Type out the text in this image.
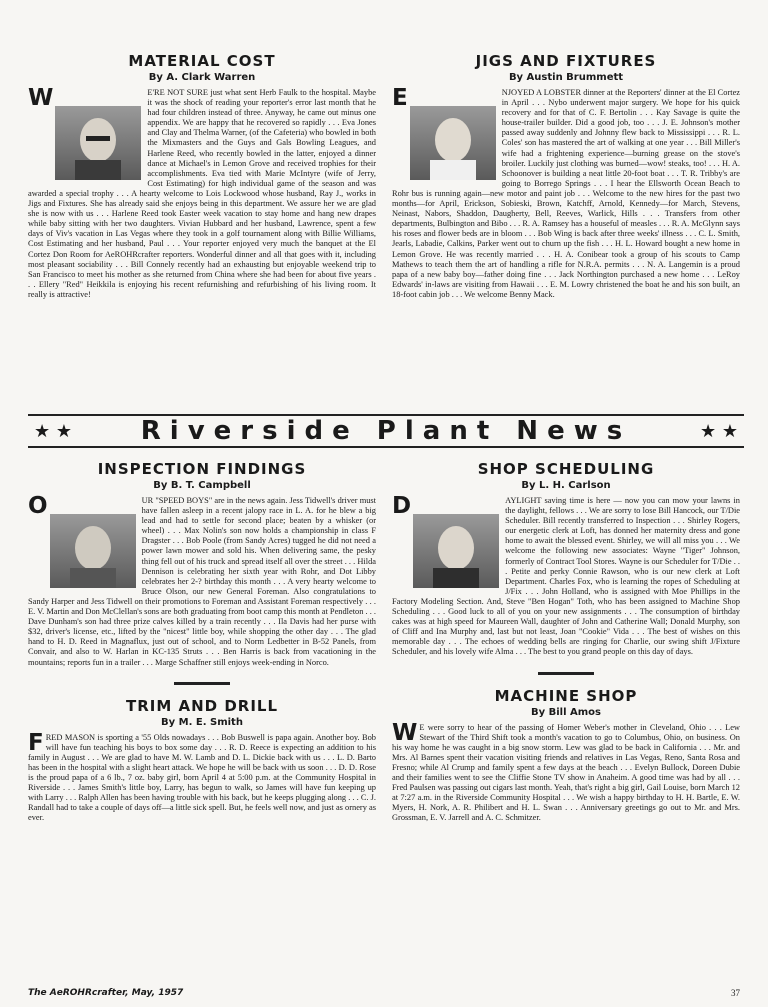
MATERIAL COST
By A. Clark Warren

W	E'RE NOT SURE just what sent Herb Faulk to the hospital. Maybe it was the shock of reading your reporter's error last month that he had four children instead of three. Anyway, he came out minus one appendix. We are happy that he recovered so rapidly . . . Eva Jones and Clay and Thelma Warner, (of the Cafeteria) who bowled in both the Mixmasters and the Guys and Gals Bowling Leagues, and Harlene Reed, who recently bowled in the latter, enjoyed a dinner dance at Michael's in Lemon Grove and received trophies for their accomplishments. Eva tied with Marie McIntyre (wife of Jerry, Cost Estimating) for high individual game of the season and was awarded a special trophy . . . A hearty welcome to Lois Lockwood whose husband, Ray J., works in Jigs and Fixtures. She has already said she enjoys being in this department. We assure her we are glad she is now with us . . . Harlene Reed took Easter week vacation to stay home and hang new drapes while baby sitting with her two daughters. Vivian Hubbard and her husband, Lawrence, spent a few days of Viv's vacation in Las Vegas where they took in a golf tournament along with Billie Williams, Cost Estimating and her husband, Paul . . . Your reporter enjoyed very much the banquet at the El Cortez Don Room for AeROHRcrafter reporters. Wonderful dinner and all that goes with it, including most pleasant sociability . . . Bill Connely recently had an exhausting but enjoyable weekend trip to San Francisco to meet his mother as she returned from China where she had been for about five years . . . Ellery "Red" Heikkila is enjoying his recent refurnishing and refurbishing of his living room. It really is attractive!

JIGS AND FIXTURES
By Austin Brummett

E	NJOYED A LOBSTER dinner at the Reporters' dinner at the El Cortez in April . . . Nybo underwent major surgery. We hope for his quick recovery and for that of C. F. Bertolin . . . Kay Savage is quite the house-trailer builder. Did a good job, too . . . J. E. Johnson's mother passed away suddenly and Johnny flew back to Mississippi . . . R. L. Coles' son has mastered the art of walking at one year . . . Bill Miller's wife had a frightening experience—burning grease on the stove's broiler. Luckily just clothing was burned—wow! steaks, too! . . . H. A. Schoonover is building a neat little 20-foot boat . . . T. R. Tribby's are going to Borrego Springs . . . I hear the Ellsworth Ocean Beach to Rohr bus is running again—new motor and paint job . . . Welcome to the new hires for the past two months—for April, Erickson, Sobieski, Brown, Katchff, Arnold, Kennedy—for March, Stevens, Neinast, Nabors, Shaddon, Daugherty, Bell, Reeves, Warlick, Hills . . . Transfers from other departments, Bulbington and Bibo . . . R. A. Ramsey has a houseful of measles . . . R. A. McGlynn says his roses and flower beds are in bloom . . . Bob Wing is back after three weeks' illness . . . C. L. Smith, Jearls, Labadie, Calkins, Parker went out to churn up the fish . . . H. L. Howard bought a new home in Lemon Grove. He was recently married . . . H. A. Conibear took a group of his scouts to Camp Mathews to teach them the art of handling a rifle for N.R.A. permits . . . N. A. Langemin is a proud papa of a new baby boy—father doing fine . . . Jack Northington purchased a new home . . . LeRoy Edwards' in-laws are visiting from Hawaii . . . E. M. Lowry christened the boat he and his son built, an 18-foot cabin job . . . We welcome Benny Mack.

★ ★	Riverside Plant News	★ ★
INSPECTION FINDINGS
By B. T. Campbell

O	UR "SPEED BOYS" are in the news again. Jess Tidwell's driver must have fallen asleep in a recent jalopy race in L. A. for he blew a big lead and had to settle for second place; beaten by a whisker (or wheel) . . . Max Nolin's son now holds a championship in class F Dragster . . . Bob Poole (from Sandy Acres) tugged he did not need a power lawn mower and sold his. When delivering same, the pesky thing fell out of his truck and spread itself all over the street . . . Hilda Dennison is celebrating her sixth year with Rohr, and Dot Libby celebrates her 2-? birthday this month . . . A very hearty welcome to Bruce Olson, our new General Foreman. Also congratulations to Sandy Harper and Jess Tidwell on their promotions to Foreman and Assistant Foreman respectively . . . E. V. Martin and Don McClellan's sons are both graduating from boot camp this month at Pendleton . . . Dave Dunham's son had three prize calves killed by a train recently . . . Ila Davis had her purse with $32, driver's license, etc., lifted by the "nicest" little boy, while shopping the other day . . . The glad hand to H. D. Reed in Magnaflux, just out of school, and to Norm Ledbetter in B-52 Panels, from Convair, and also to W. Harlan in KC-135 Struts . . . Ben Harris is back from vacationing in the mountains; reports fun in a trailer . . . Marge Schaffner still enjoys week-ending in Norco.

TRIM AND DRILL
By M. E. Smith

F RED MASON is sporting a '55 Olds nowadays . . . Bob Buswell is papa again. Another boy. Bob will have fun teaching his boys to box some day . . . R. D. Reece is expecting an addition to his family in August . . . We are glad to have M. W. Lamb and D. L. Dickie back with us . . . L. D. Barto has been in the hospital with a slight heart attack. We hope he will be back with us soon . . . D. D. Rose is the proud papa of a 6 lb., 7 oz. baby girl, born April 4 at 5:00 p.m. at the Community Hospital in Riverside . . . James Smith's little boy, Larry, has begun to walk, so James will have fun keeping up with Larry . . . Ralph Allen has been having trouble with his back, but he keeps plugging along . . . C. J. Randall had to take a couple of days off—a little sick spell. But, he feels well now, and just as ornery as ever.

SHOP SCHEDULING
By L. H. Carlson

D	AYLIGHT saving time is here — now you can mow your lawns in the daylight, fellows . . . We are sorry to lose Bill Hancock, our T/Die Scheduler. Bill recently transferred to Inspection . . . Shirley Rogers, our energetic clerk at Loft, has donned her maternity dress and gone home to await the blessed event. Shirley, we will all miss you . . . We welcome the following new associates: Wayne "Tiger" Johnson, formerly of Contract Tool Stores. Wayne is our Scheduler for T/Die . . . Petite and perky Connie Rawson, who is our new clerk at Loft Department. Charles Fox, who is learning the ropes of Scheduling at J/Fix . . . John Holland, who is assigned with Moe Phillips in the Factory Modeling Section. And, Steve "Ben Hogan" Toth, who has been assigned to Machine Shop Scheduling . . . Good luck to all of you on your new assignments . . . The consumption of birthday cakes was at high speed for Maureen Wall, daughter of John and Catherine Wall; Donald Murphy, son of Cliff and Ina Murphy and, last but not least, Joan "Cookie" Vida . . . The best of wishes on this memorable day . . . The echoes of wedding bells are ringing for Charlie, our swing shift J/Fixture Scheduler, and his lovely wife Alma . . . The best to you grand people on this day of days.

MACHINE SHOP
By Bill Amos

W E were sorry to hear of the passing of Homer Weber's mother in Cleveland, Ohio . . . Lew Stewart of the Third Shift took a month's vacation to go to Columbus, Ohio, on business. On his way home he was caught in a big snow storm. Lew was glad to be back in California . . . Mr. and Mrs. Al Barnes spent their vacation visiting friends and relatives in Las Vegas, Reno, Santa Rosa and Fresno; while Al Crump and family spent a few days at the beach . . . Evelyn Bullock, Doreen Dubie and their families went to see the Cliffie Stone TV show in Anaheim. A good time was had by all . . . Fred Paulsen was passing out cigars last month. Yeah, that's right a big girl, Gail Louise, born March 12 at 7:27 a.m. in the Riverside Community Hospital . . . We wish a happy birthday to H. H. Bartle, E. W. Myers, H. Nork, A. R. Philibert and H. L. Swan . . . Anniversary greetings go out to Mr. and Mrs. Grossman, E. V. Jarrell and A. C. Schmitzer.

The AeROHRcrafter, May, 1957	37
